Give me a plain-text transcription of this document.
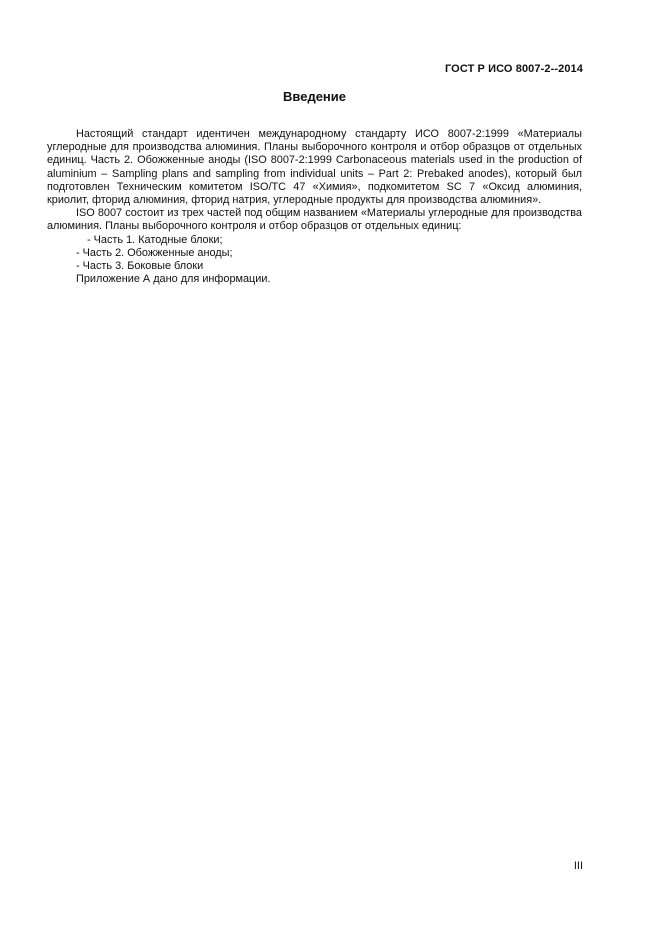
ГОСТ Р ИСО 8007-2--2014
Введение

Настоящий стандарт идентичен международному стандарту ИСО 8007-2:1999 «Материалы углеродные для производства алюминия. Планы выборочного контроля и отбор образцов от отдельных единиц. Часть 2. Обожженные аноды (ISO 8007-2:1999 Carbonaceous materials used in the production of aluminium – Sampling plans and sampling from individual units – Part 2: Prebaked anodes), который был подготовлен Техническим комитетом ISO/TC 47 «Химия», подкомитетом SC 7 «Оксид алюминия, криолит, фторид алюминия, фторид натрия, углеродные продукты для производства алюминия».

ISO 8007 состоит из трех частей под общим названием «Материалы углеродные для производства алюминия. Планы выборочного контроля и отбор образцов от отдельных единиц:

- Часть 1. Катодные блоки;

- Часть 2. Обожженные аноды;

- Часть 3. Боковые блоки

Приложение А дано для информации.

III
